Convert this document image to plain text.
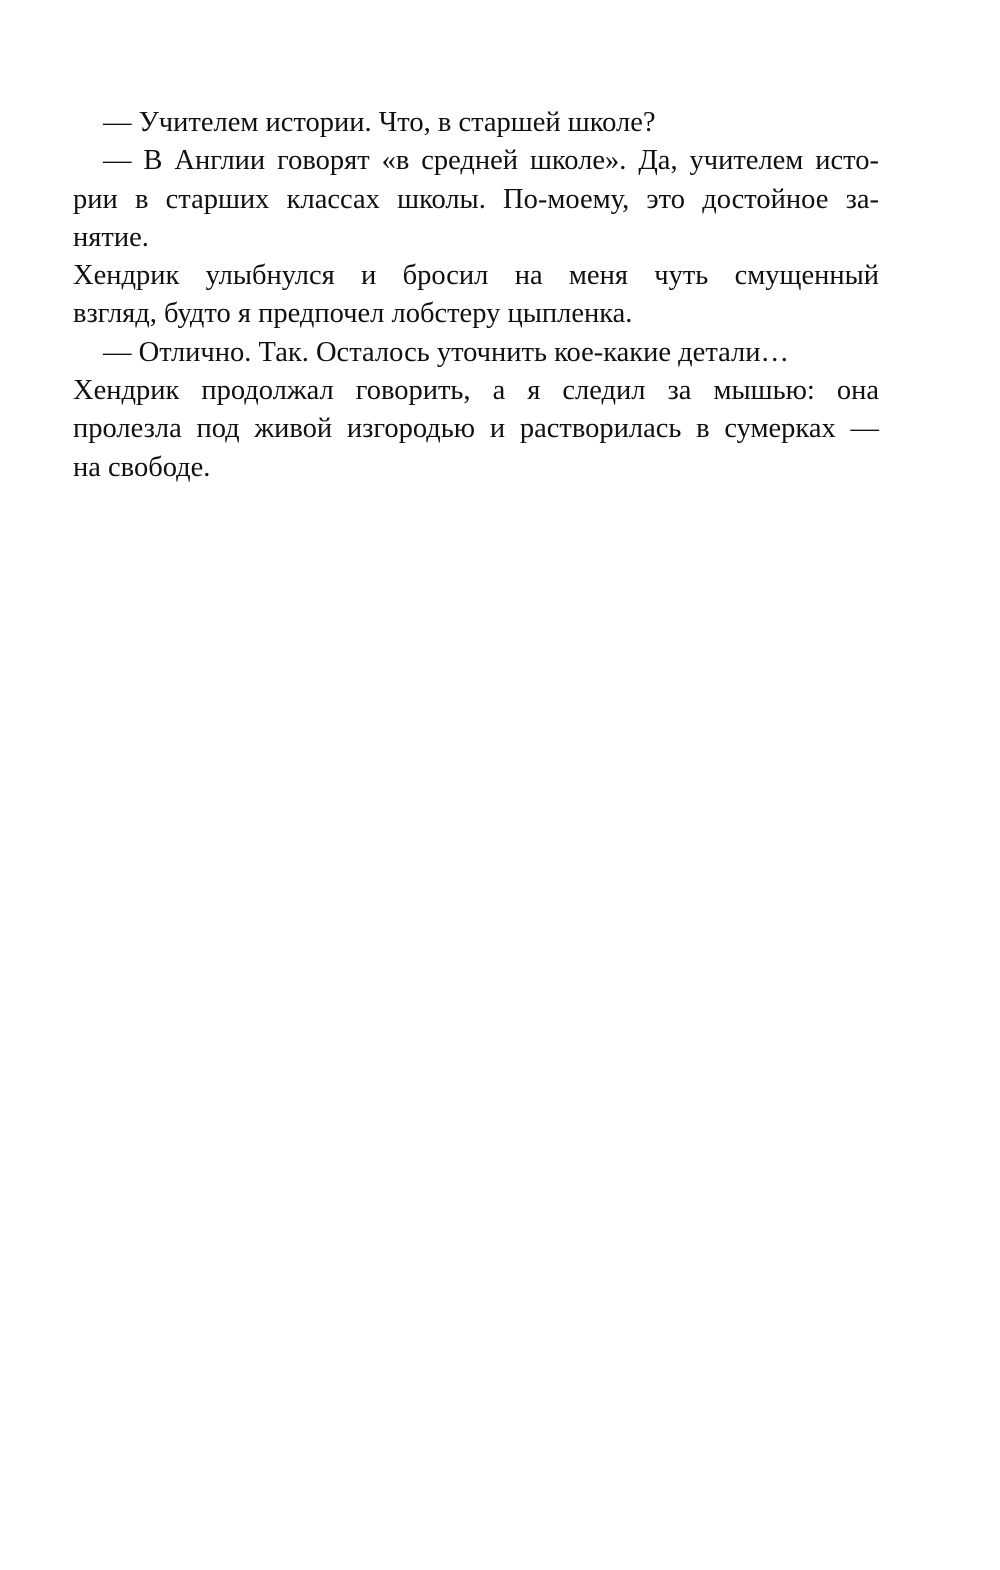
— Учителем истории. Что, в старшей школе?
— В Англии говорят «в средней школе». Да, учителем исто-
рии в старших классах школы. По-моему, это достойное за-
нятие.
Хендрик улыбнулся и бросил на меня чуть смущенный
взгляд, будто я предпочел лобстеру цыпленка.
— Отлично. Так. Осталось уточнить кое-какие детали…
Хендрик продолжал говорить, а я следил за мышью: она
пролезла под живой изгородью и растворилась в сумерках —
на свободе.
